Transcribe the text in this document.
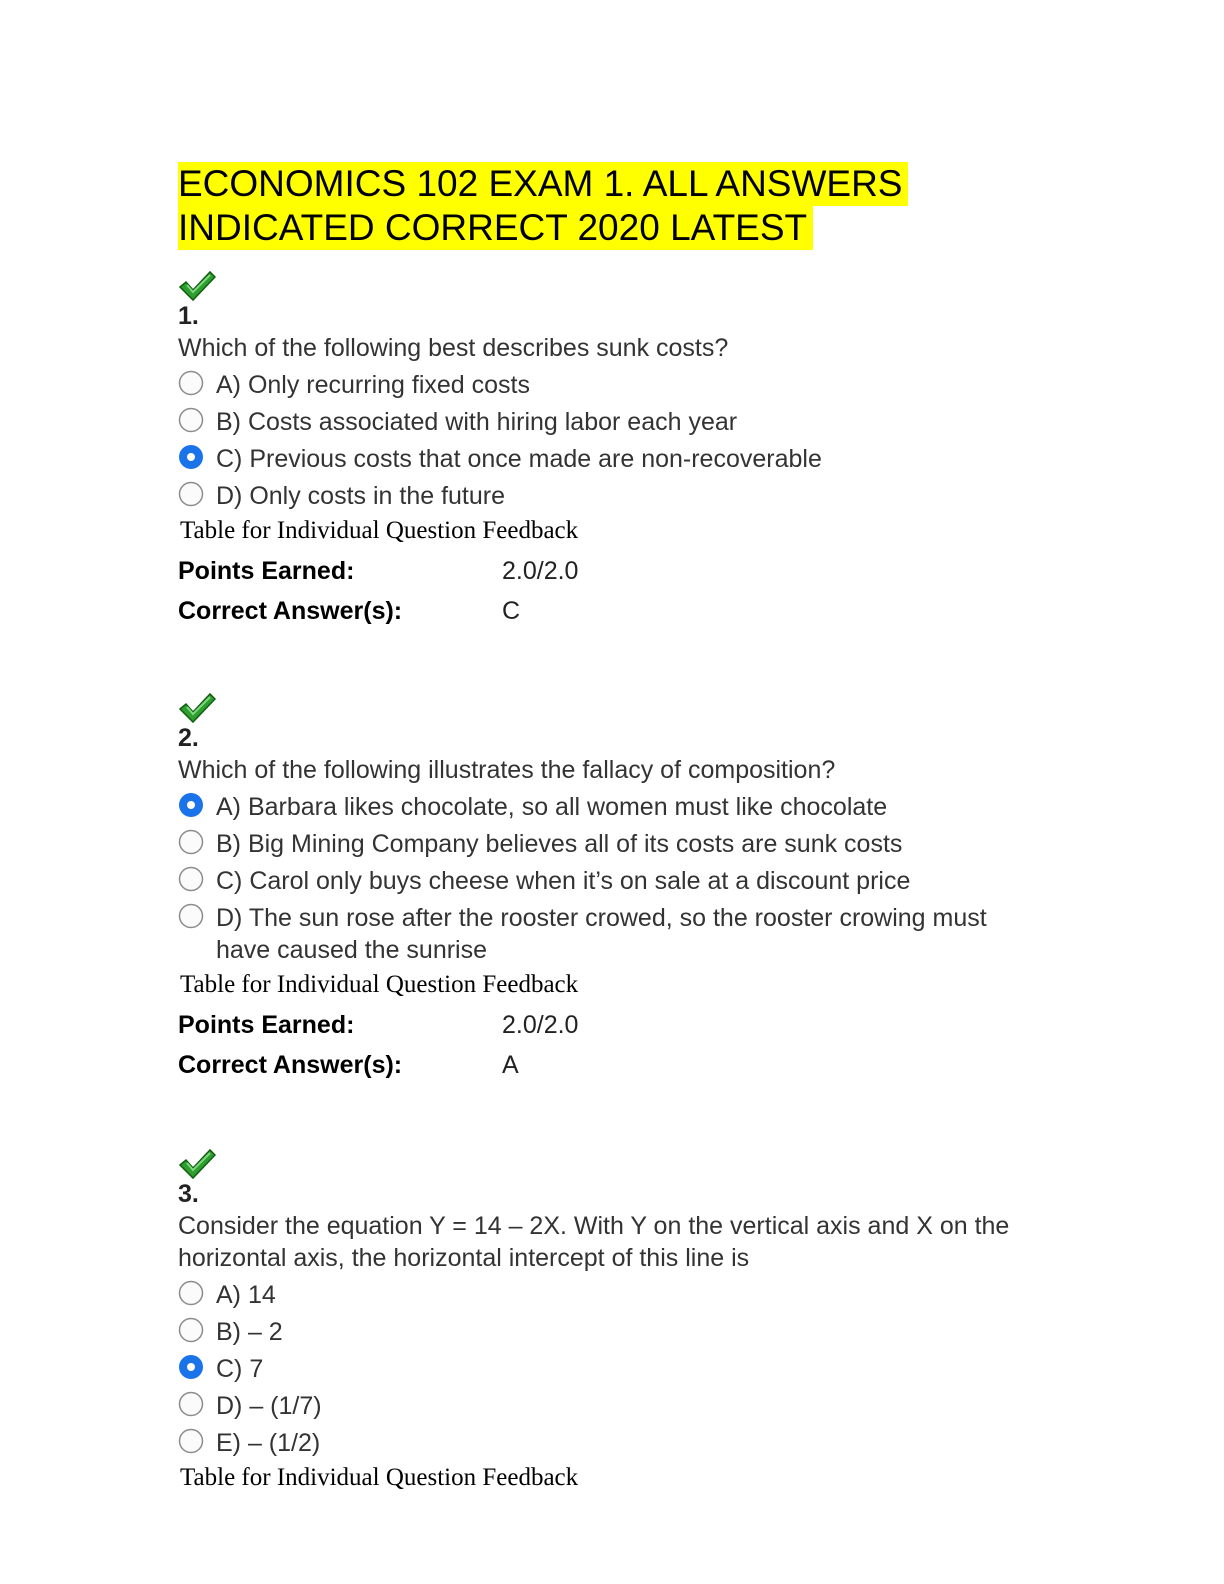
ECONOMICS 102 EXAM 1. ALL ANSWERS
INDICATED CORRECT 2020 LATEST
1.
Which of the following best describes sunk costs?
A) Only recurring fixed costs
B) Costs associated with hiring labor each year
C) Previous costs that once made are non-recoverable
D) Only costs in the future
Table for Individual Question Feedback
Points Earned:	2.0/2.0
Correct Answer(s):	C
2.
Which of the following illustrates the fallacy of composition?
A) Barbara likes chocolate, so all women must like chocolate
B) Big Mining Company believes all of its costs are sunk costs
C) Carol only buys cheese when it’s on sale at a discount price
D) The sun rose after the rooster crowed, so the rooster crowing must have caused the sunrise
Table for Individual Question Feedback
Points Earned:	2.0/2.0
Correct Answer(s):	A
3.
Consider the equation Y = 14 – 2X. With Y on the vertical axis and X on the horizontal axis, the horizontal intercept of this line is
A) 14
B) – 2
C) 7
D) – (1/7)
E) – (1/2)
Table for Individual Question Feedback
